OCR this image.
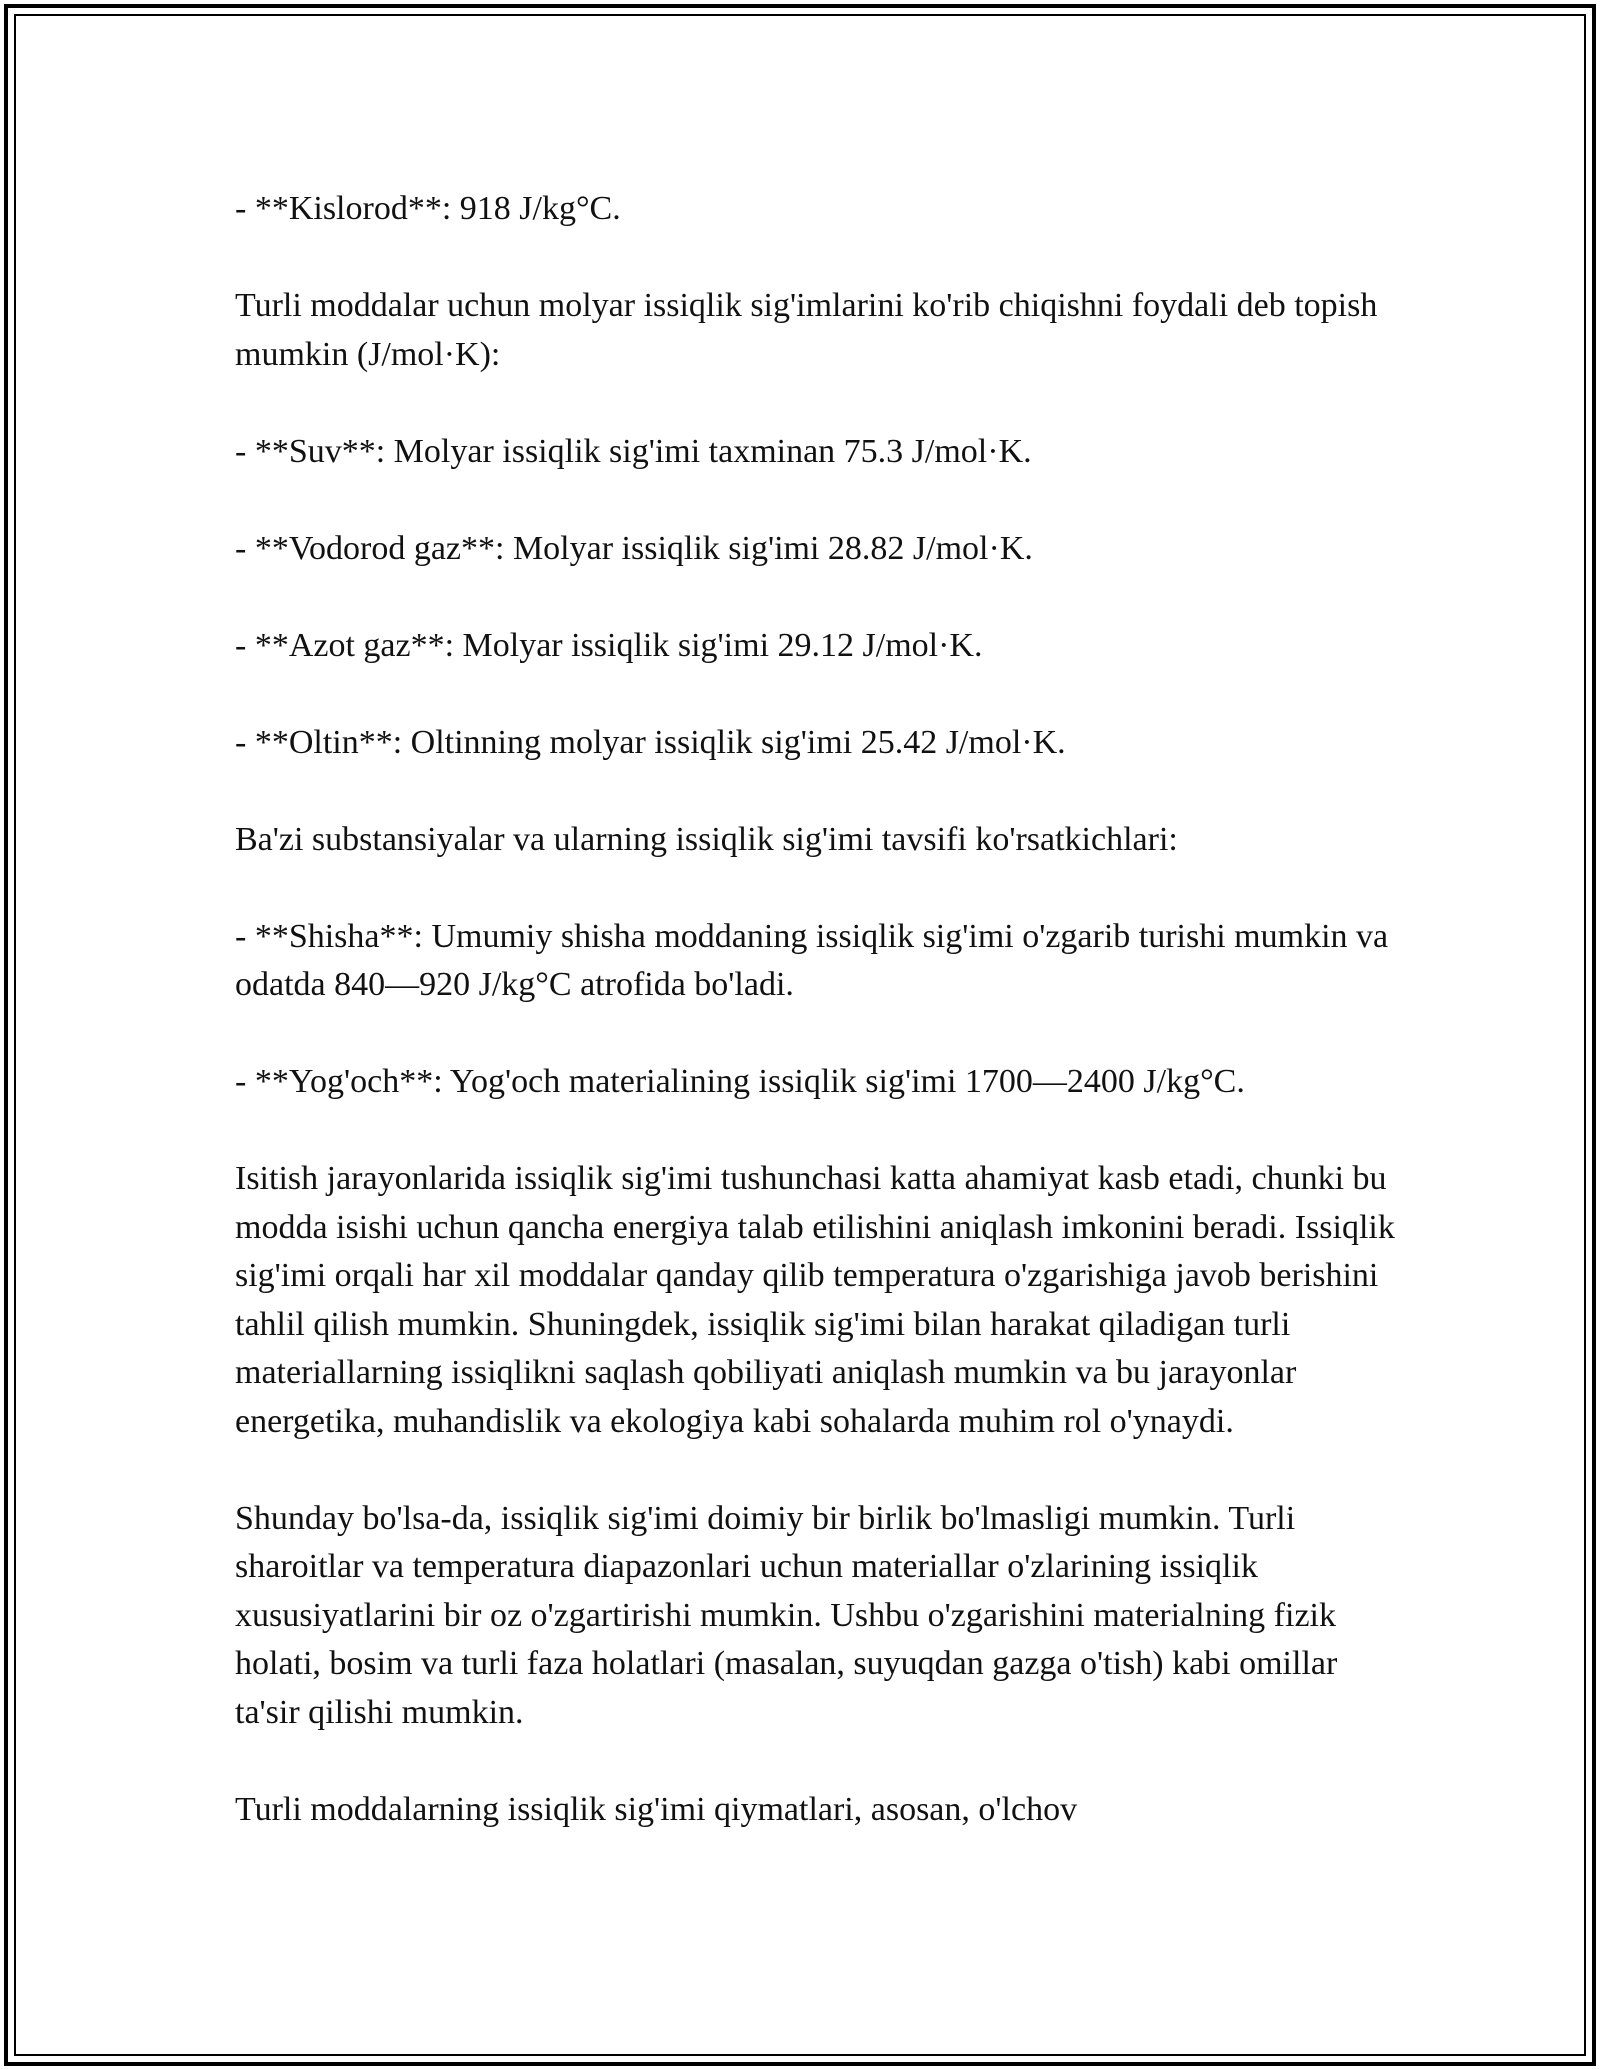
- **Kislorod**: 918 J/kg°C.

Turli moddalar uchun molyar issiqlik sig'imlarini ko'rib chiqishni foydali deb topish mumkin (J/mol·K):

- **Suv**: Molyar issiqlik sig'imi taxminan 75.3 J/mol·K.

- **Vodorod gaz**: Molyar issiqlik sig'imi 28.82 J/mol·K.

- **Azot gaz**: Molyar issiqlik sig'imi 29.12 J/mol·K.

- **Oltin**: Oltinning molyar issiqlik sig'imi 25.42 J/mol·K.

Ba'zi substansiyalar va ularning issiqlik sig'imi tavsifi ko'rsatkichlari:

- **Shisha**: Umumiy shisha moddaning issiqlik sig'imi o'zgarib turishi mumkin va odatda 840—920 J/kg°C atrofida bo'ladi.

- **Yog'och**: Yog'och materialining issiqlik sig'imi 1700—2400 J/kg°C.

Isitish jarayonlarida issiqlik sig'imi tushunchasi katta ahamiyat kasb etadi, chunki bu modda isishi uchun qancha energiya talab etilishini aniqlash imkonini beradi. Issiqlik sig'imi orqali har xil moddalar qanday qilib temperatura o'zgarishiga javob berishini tahlil qilish mumkin. Shuningdek, issiqlik sig'imi bilan harakat qiladigan turli materiallarning issiqlikni saqlash qobiliyati aniqlash mumkin va bu jarayonlar energetika, muhandislik va ekologiya kabi sohalarda muhim rol o'ynaydi.

Shunday bo'lsa-da, issiqlik sig'imi doimiy bir birlik bo'lmasligi mumkin. Turli sharoitlar va temperatura diapazonlari uchun materiallar o'zlarining issiqlik xususiyatlarini bir oz o'zgartirishi mumkin. Ushbu o'zgarishini materialning fizik holati, bosim va turli faza holatlari (masalan, suyuqdan gazga o'tish) kabi omillar ta'sir qilishi mumkin.

Turli moddalarning issiqlik sig'imi qiymatlari, asosan, o'lchov
